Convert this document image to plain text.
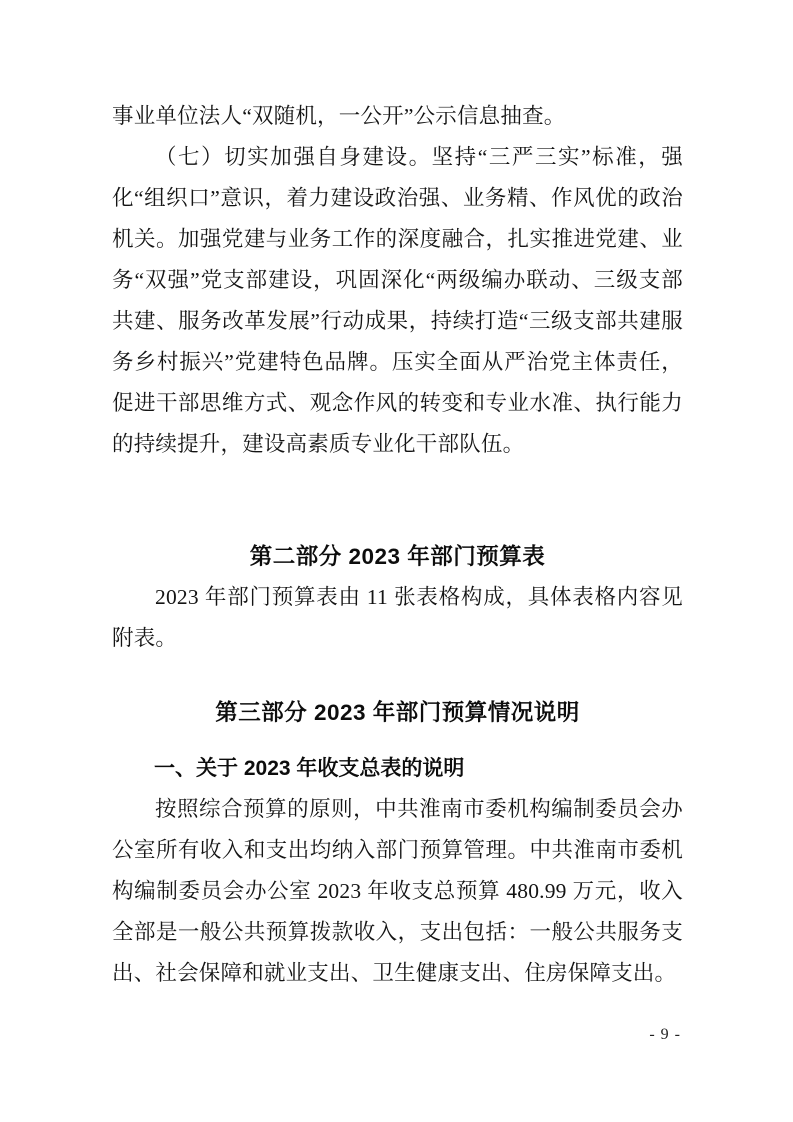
事业单位法人“双随机，一公开”公示信息抽查。

（七）切实加强自身建设。坚持“三严三实”标准，强化“组织口”意识，着力建设政治强、业务精、作风优的政治机关。加强党建与业务工作的深度融合，扎实推进党建、业务“双强”党支部建设，巩固深化“两级编办联动、三级支部共建、服务改革发展”行动成果，持续打造“三级支部共建服务乡村振兴”党建特色品牌。压实全面从严治党主体责任，促进干部思维方式、观念作风的转变和专业水准、执行能力的持续提升，建设高素质专业化干部队伍。

第二部分 2023 年部门预算表

2023 年部门预算表由 11 张表格构成，具体表格内容见附表。

第三部分 2023 年部门预算情况说明
一、关于 2023 年收支总表的说明

按照综合预算的原则，中共淮南市委机构编制委员会办公室所有收入和支出均纳入部门预算管理。中共淮南市委机构编制委员会办公室 2023 年收支总预算 480.99 万元，收入全部是一般公共预算拨款收入，支出包括：一般公共服务支出、社会保障和就业支出、卫生健康支出、住房保障支出。

- 9 -
